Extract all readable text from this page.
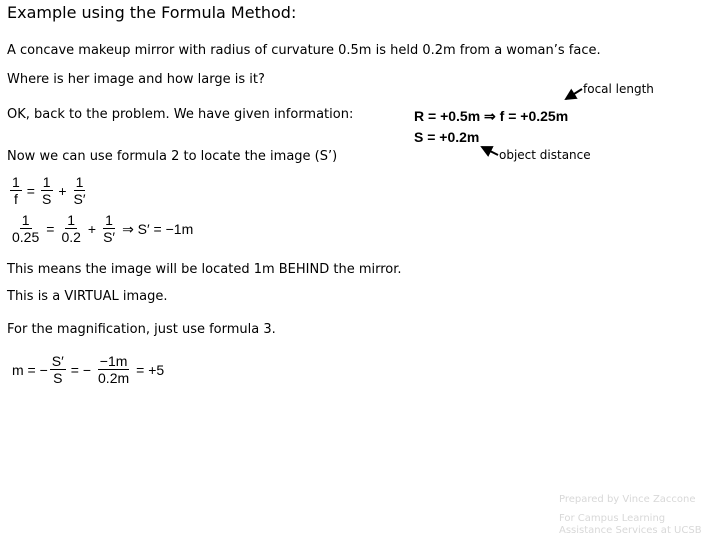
Example using the Formula Method:
A concave makeup mirror with radius of curvature 0.5m is held 0.2m from a woman’s face.
Where is her image and how large is it?
OK, back to the problem. We have given information:
Now we can use formula 2 to locate the image (S’)
R = +0.5m ⇒ f = +0.25m
S = +0.2m
focal length
object distance
$\frac{1}{f} = \frac{1}{S} + \frac{1}{S'}$
$\frac{1}{0.25} = \frac{1}{0.2} + \frac{1}{S'}$ ⇒ S′ = −1m
This means the image will be located 1m BEHIND the mirror.
This is a VIRTUAL image.
For the magnification, just use formula 3.
m = − $\frac{S'}{S}$ = − $\frac{-1m}{0.2m} = +5$
Prepared by Vince Zaccone
For Campus Learning
Assistance Services at UCSB
